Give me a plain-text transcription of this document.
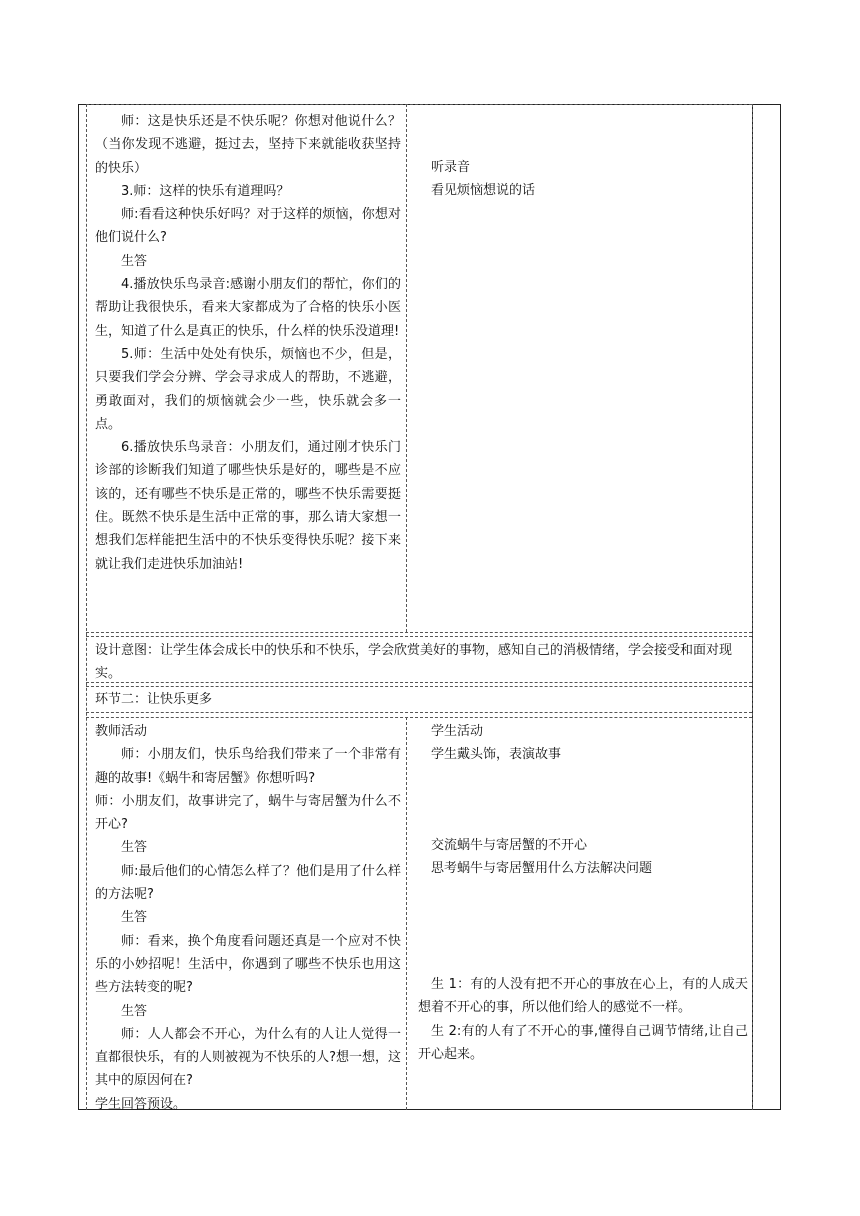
师：这是快乐还是不快乐呢？你想对他说什么？（当你发现不逃避，挺过去，坚持下来就能收获坚持的快乐）

3.师：这样的快乐有道理吗？

师:看看这种快乐好吗？对于这样的烦恼，你想对他们说什么?

生答

4.播放快乐鸟录音:感谢小朋友们的帮忙，你们的帮助让我很快乐，看来大家都成为了合格的快乐小医生，知道了什么是真正的快乐，什么样的快乐没道理!

5.师：生活中处处有快乐，烦恼也不少，但是，只要我们学会分辨、学会寻求成人的帮助，不逃避，勇敢面对，我们的烦恼就会少一些，快乐就会多一点。

6.播放快乐鸟录音：小朋友们，通过刚才快乐门诊部的诊断我们知道了哪些快乐是好的，哪些是不应该的，还有哪些不快乐是正常的，哪些不快乐需要挺住。既然不快乐是生活中正常的事，那么请大家想一想我们怎样能把生活中的不快乐变得快乐呢？接下来就让我们走进快乐加油站!

听录音

看见烦恼想说的话

设计意图：让学生体会成长中的快乐和不快乐，学会欣赏美好的事物，感知自己的消极情绪，学会接受和面对现实。
环节二：让快乐更多

教师活动

师：小朋友们，快乐鸟给我们带来了一个非常有趣的故事!《蜗牛和寄居蟹》你想听吗?

师：小朋友们，故事讲完了，蜗牛与寄居蟹为什么不开心?

生答

师:最后他们的心情怎么样了？他们是用了什么样的方法呢?

生答

师：看来，换个角度看问题还真是一个应对不快乐的小妙招呢！生活中，你遇到了哪些不快乐也用这些方法转变的呢?

生答

师：人人都会不开心，为什么有的人让人觉得一直都很快乐，有的人则被视为不快乐的人?想一想，这其中的原因何在?

学生回答预设。

学生活动

学生戴头饰，表演故事

交流蜗牛与寄居蟹的不开心

思考蜗牛与寄居蟹用什么方法解决问题

生 1：有的人没有把不开心的事放在心上，有的人成天想着不开心的事，所以他们给人的感觉不一样。

生 2:有的人有了不开心的事,懂得自己调节情绪,让自己开心起来。
